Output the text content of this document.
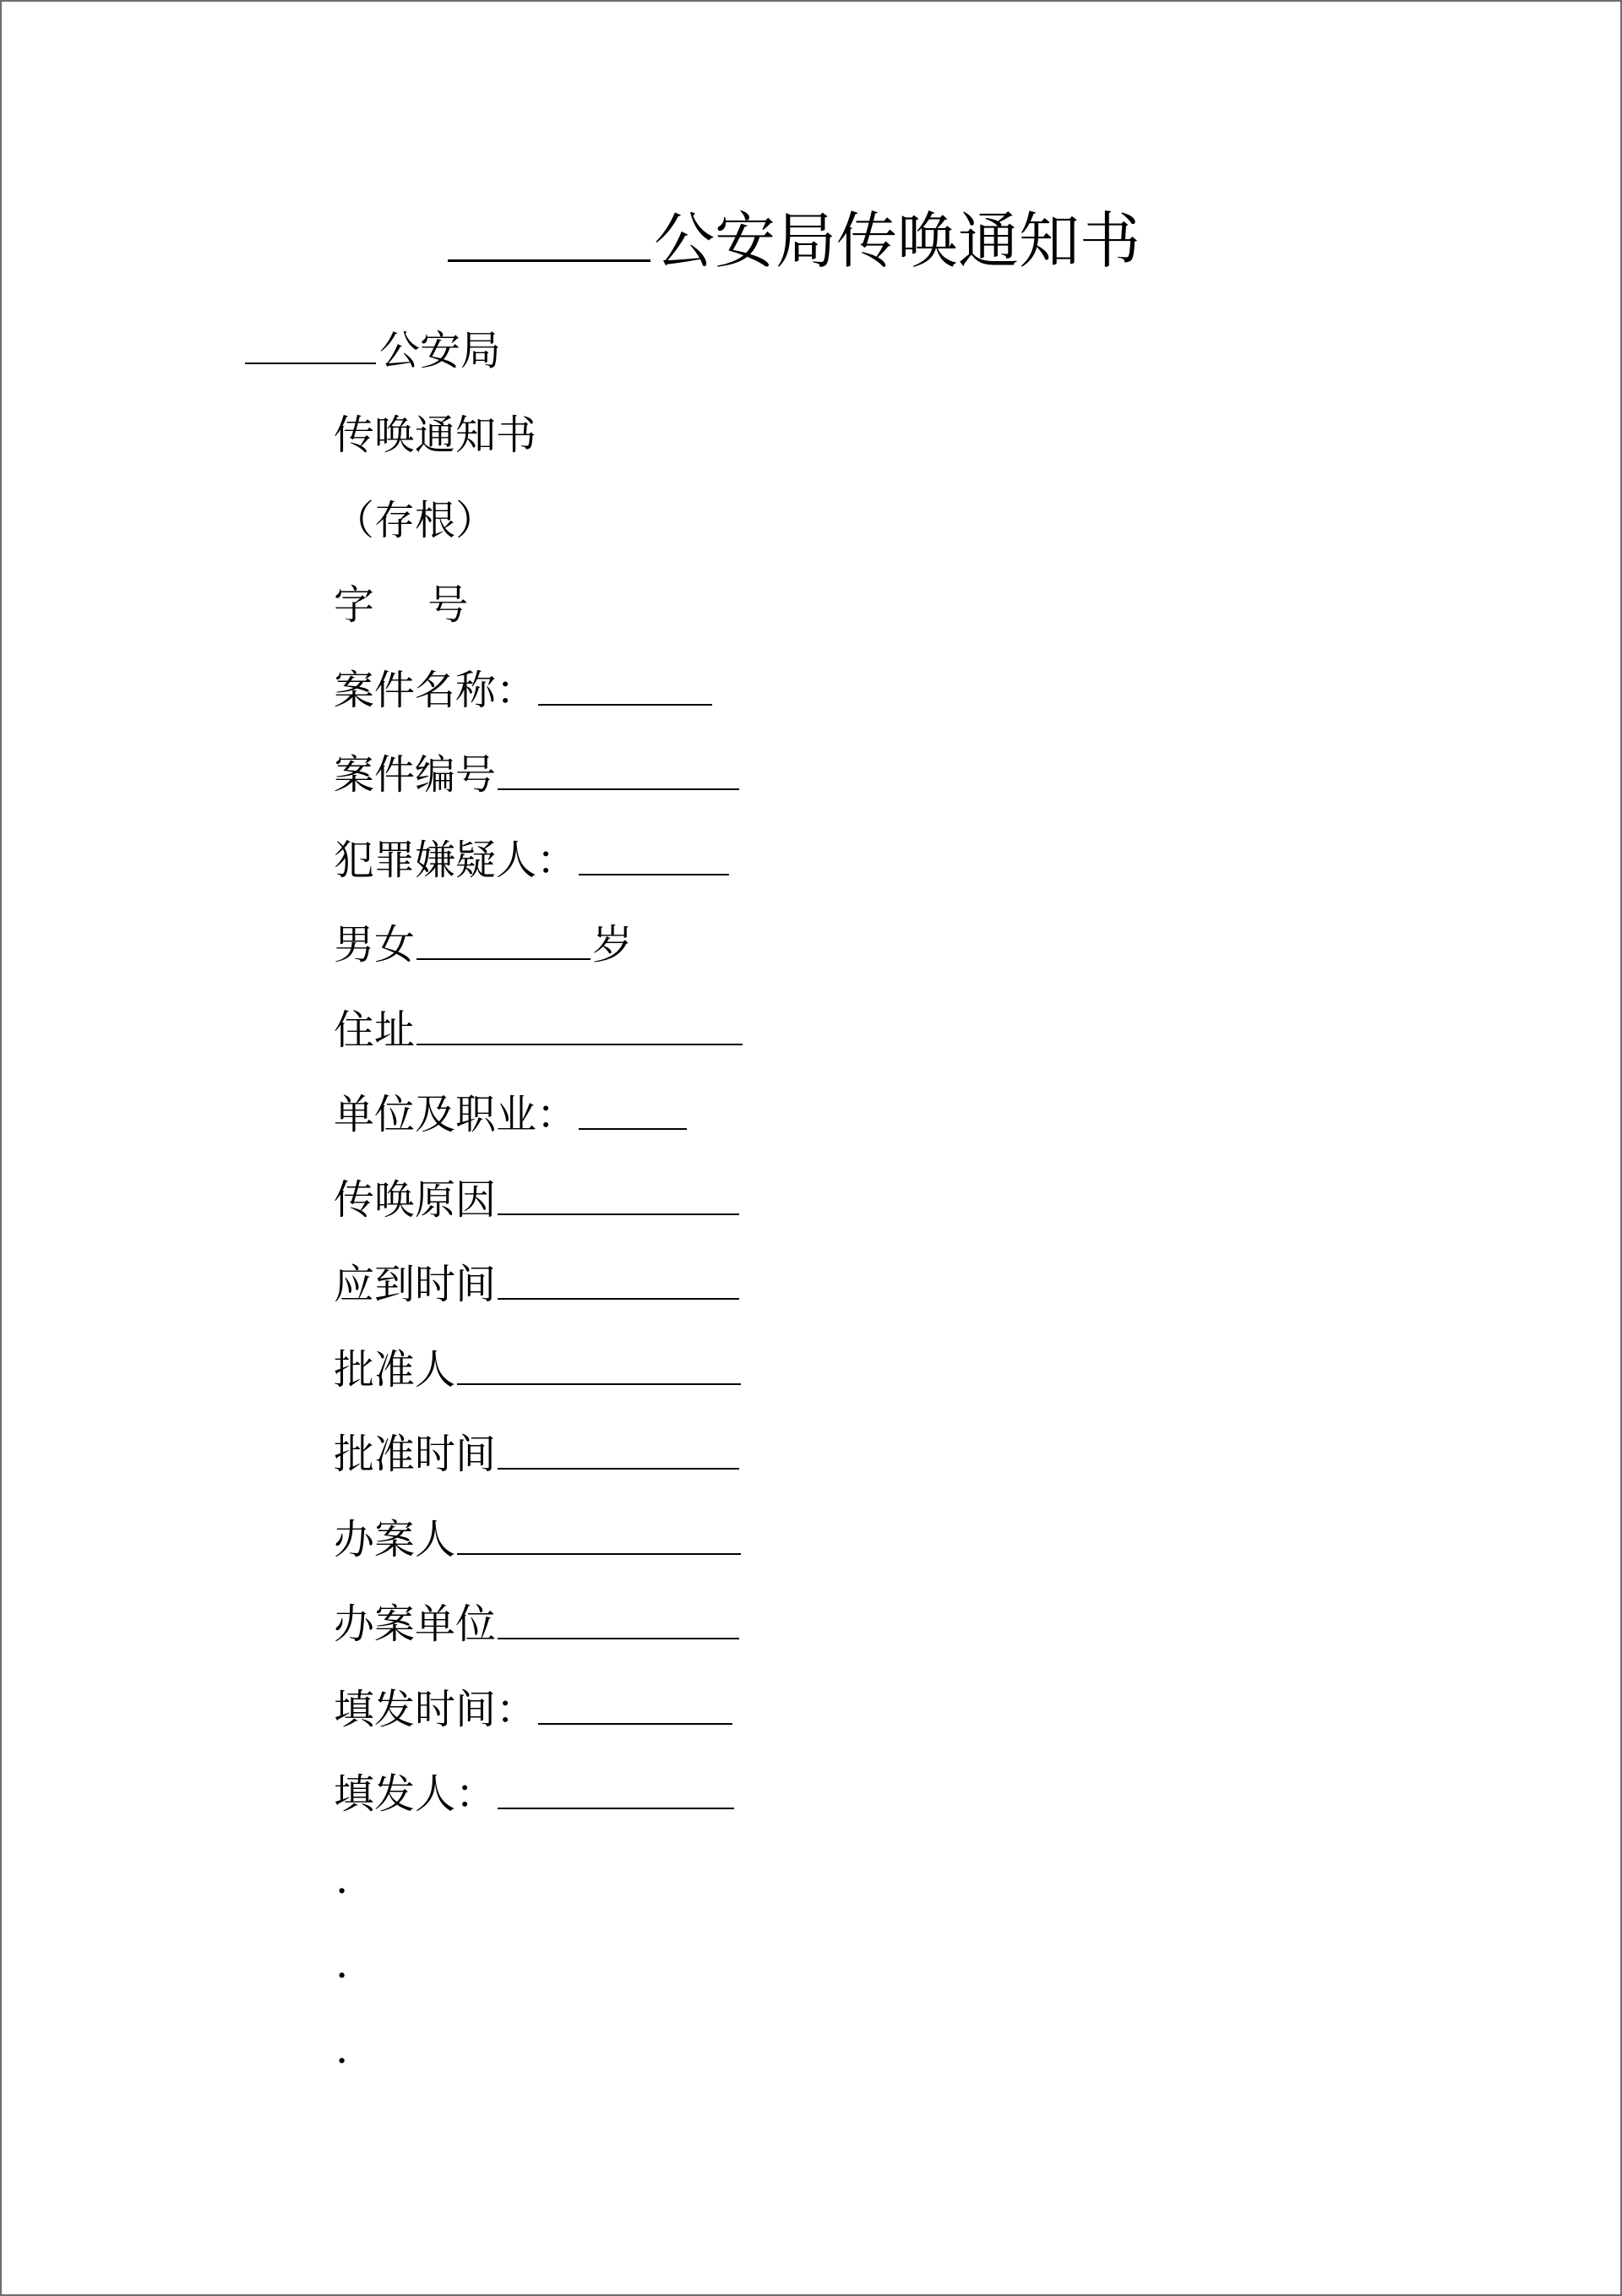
公安局传唤通知书
公安局
传唤通知书
（存根）
字　 号
案件名称：
案件编号
犯罪嫌疑人：
男女	岁
住址
单位及职业：
传唤原因
应到时间
批准人
批准时间
办案人
办案单位
填发时间：
填发人：
.
.
.
